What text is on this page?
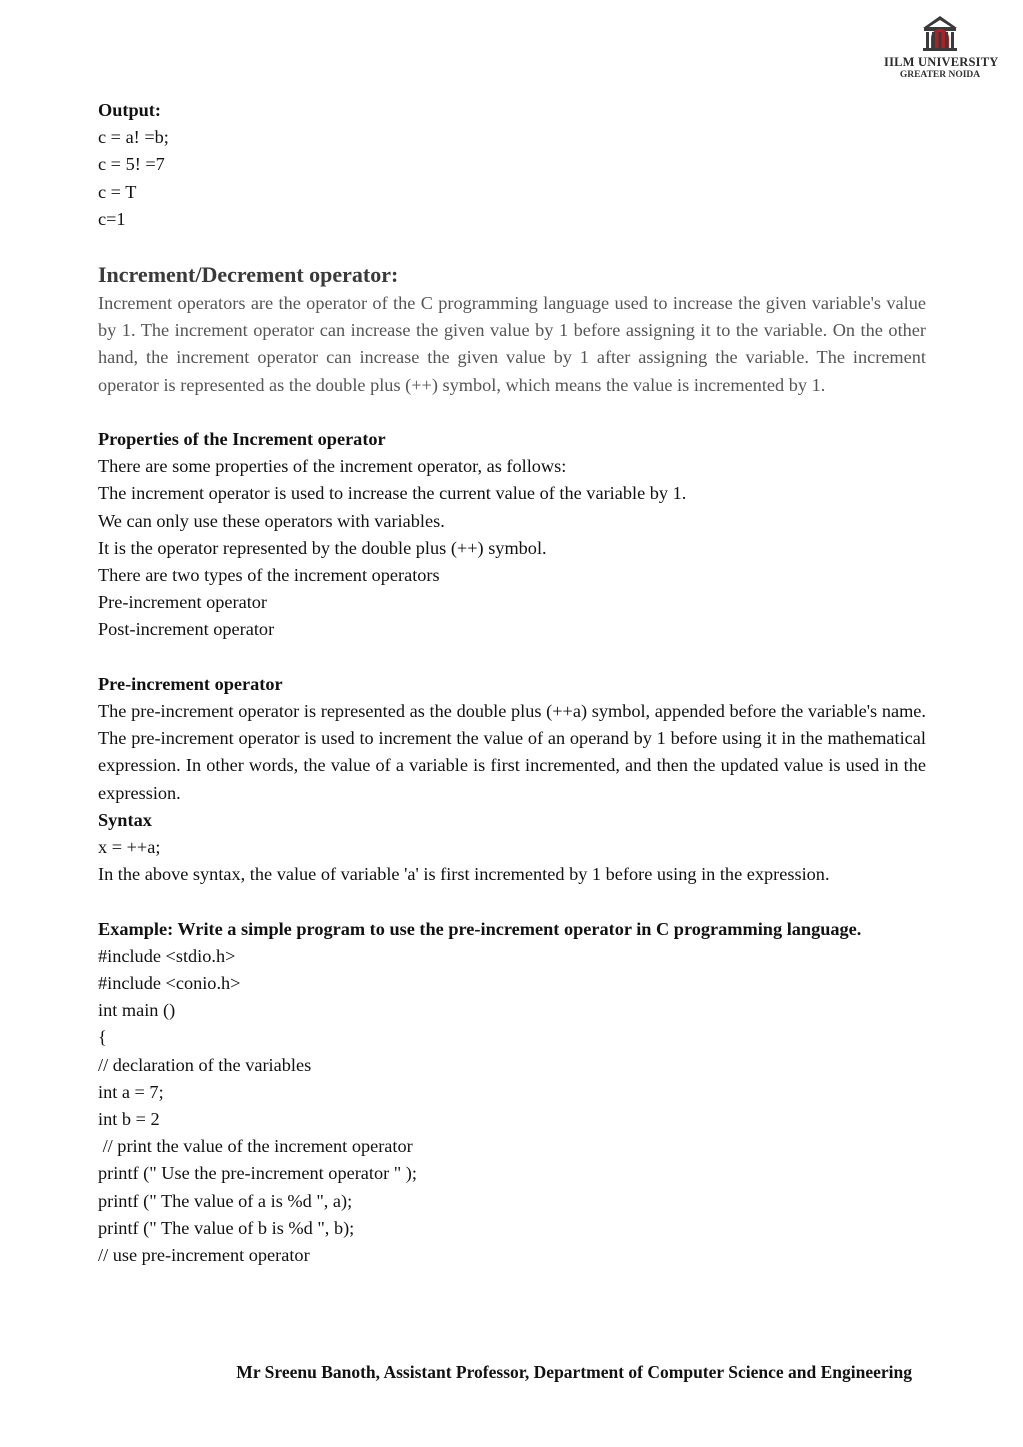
IILM UNIVERSITY
GREATER NOIDA
Output:
c = a! =b;
c = 5! =7
c = T
c=1
Increment/Decrement operator:
Increment operators are the operator of the C programming language used to increase the given variable's value by 1. The increment operator can increase the given value by 1 before assigning it to the variable. On the other hand, the increment operator can increase the given value by 1 after assigning the variable. The increment operator is represented as the double plus (++) symbol, which means the value is incremented by 1.
Properties of the Increment operator
There are some properties of the increment operator, as follows:
The increment operator is used to increase the current value of the variable by 1.
We can only use these operators with variables.
It is the operator represented by the double plus (++) symbol.
There are two types of the increment operators
Pre-increment operator
Post-increment operator
Pre-increment operator
The pre-increment operator is represented as the double plus (++a) symbol, appended before the variable's name. The pre-increment operator is used to increment the value of an operand by 1 before using it in the mathematical expression. In other words, the value of a variable is first incremented, and then the updated value is used in the expression.
Syntax
x = ++a;
In the above syntax, the value of variable 'a' is first incremented by 1 before using in the expression.
Example: Write a simple program to use the pre-increment operator in C programming language.
#include <stdio.h>
#include <conio.h>
int main ()
{
// declaration of the variables
int a = 7;
int b = 2
// print the value of the increment operator
printf (" Use the pre-increment operator " );
printf (" The value of a is %d ", a);
printf (" The value of b is %d ", b);
// use pre-increment operator
Mr Sreenu Banoth, Assistant Professor, Department of Computer Science and Engineering
